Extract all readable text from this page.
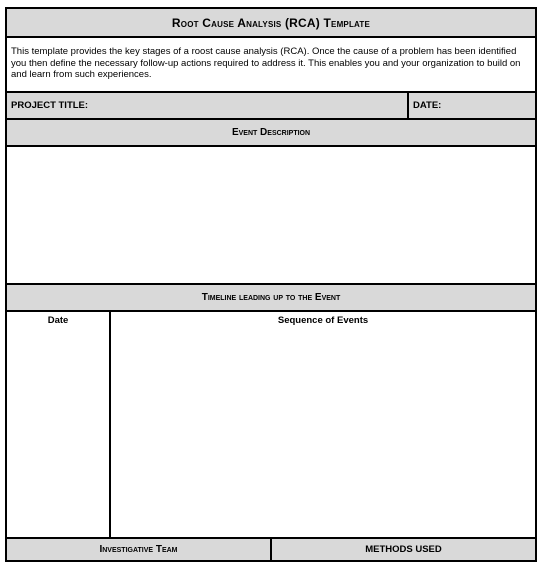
Root Cause Analysis (RCA) Template
This template provides the key stages of a roost cause analysis (RCA). Once the cause of a problem has been identified you then define the necessary follow-up actions required to address it. This enables you and your organization to build on and learn from such experiences.
PROJECT TITLE:	DATE:
Event Description
Timeline leading up to the Event
Date	Sequence of Events
Investigative Team	METHODS USED
